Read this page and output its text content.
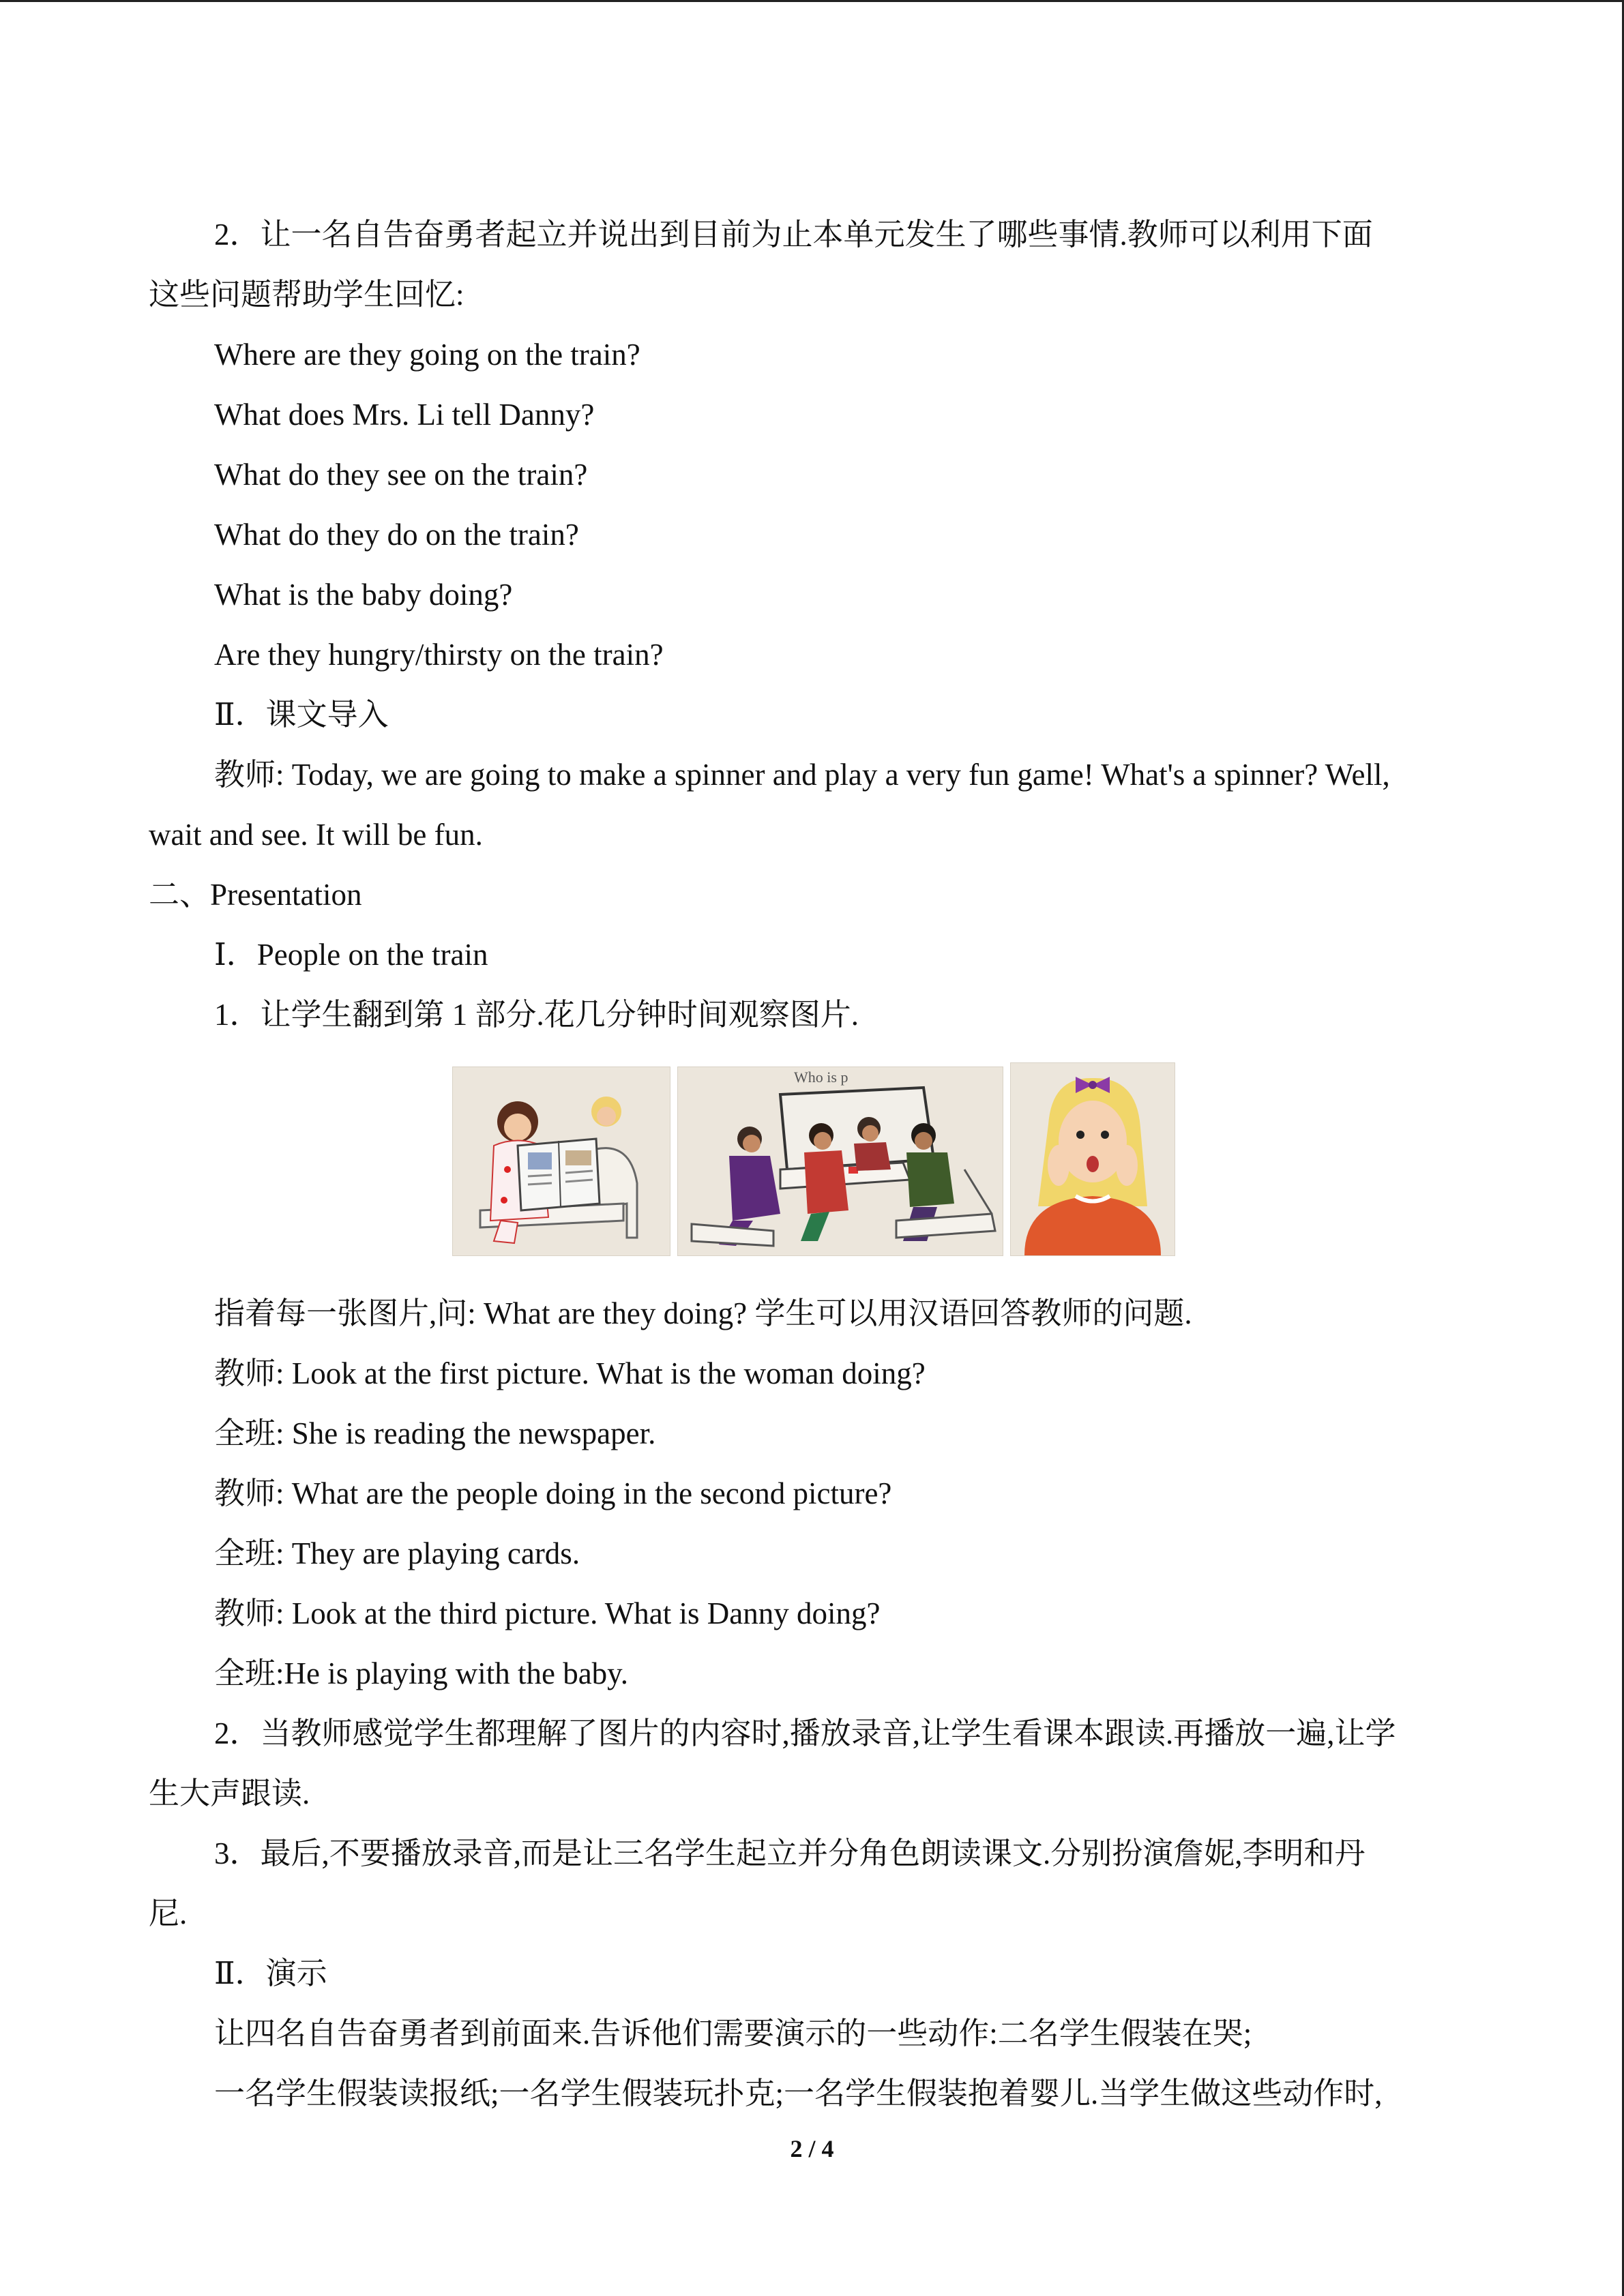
2．让一名自告奋勇者起立并说出到目前为止本单元发生了哪些事情.教师可以利用下面

这些问题帮助学生回忆:

Where are they going on the train?

What does Mrs. Li tell Danny?

What do they see on the train?

What do they do on the train?

What is the baby doing?

Are they hungry/thirsty on the train?

Ⅱ．课文导入

教师: Today, we are going to make a spinner and play a very fun game! What's a spinner? Well,

wait and see. It will be fun.

二、Presentation

Ⅰ．People on the train

1．让学生翻到第 1 部分.花几分钟时间观察图片.

Who is p

指着每一张图片,问: What are they doing? 学生可以用汉语回答教师的问题.

教师: Look at the first picture. What is the woman doing?

全班: She is reading the newspaper.

教师: What are the people doing in the second picture?

全班: They are playing cards.

教师: Look at the third picture. What is Danny doing?

全班:He is playing with the baby.

2．当教师感觉学生都理解了图片的内容时,播放录音,让学生看课本跟读.再播放一遍,让学

生大声跟读.

3．最后,不要播放录音,而是让三名学生起立并分角色朗读课文.分别扮演詹妮,李明和丹

尼.

Ⅱ．演示

让四名自告奋勇者到前面来.告诉他们需要演示的一些动作:二名学生假装在哭;

一名学生假装读报纸;一名学生假装玩扑克;一名学生假装抱着婴儿.当学生做这些动作时,

2 / 4
